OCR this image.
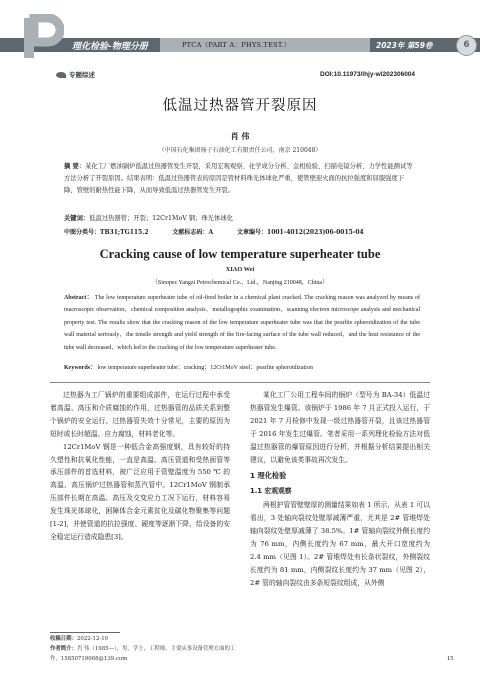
理化检验-物理分册	PTCA（PART A：PHYS.TEST.）	2023年 第59卷	6
专题综述	DOI:10.11973/lhjy-wl202306004
低温过热器管开裂原因
肖 伟
（中国石化集团扬子石油化工有限责任公司，南京 210048）
摘 要：某化工厂燃油锅炉低温过热器管发生开裂，采用宏观观察、化学成分分析、金相检验、扫描电镜分析、力学性能测试等方法分析了开裂原因。结果表明：低温过热器管表的原因是管材料珠光体球化严重，使管壁迎火面的抗拉强度和屈服强度下降，管壁的耐热性能下降，从而导致低温过热器管发生开裂。
关键词：低温过热器管；开裂；12Cr1MoV 钢；珠光体球化
中图分类号：TB31;TG115.2	文献标志码：A	文章编号：1001-4012(2023)06-0015-04
Cracking cause of low temperature superheater tube
XIAO Wei
（Sinopec Yangzi Petrochemical Co.，Ltd.，Nanjing 210048，China）
Abstract： The low temperature superheater tube of oil-fired boiler in a chemical plant cracked. The cracking reason was analyzed by means of macroscopic observation，chemical composition analysis，metallographic examination，scanning electron microscope analysis and mechanical property test. The results show that the cracking reason of the low temperature superheater tube was that the pearlite spheroidization of the tube wall material seriously，the tensile strength and yield strength of the fire-facing surface of the tube wall reduced，and the heat resistance of the tube wall decreased，which led to the cracking of the low temperature superheater tube.
Keywords： low temperature superheater tube；cracking；12Cr1MoV steel；pearlite spheroidization

过热器为工厂锅炉的重要组成部件，在运行过程中承受着高温、高压和介质腐蚀的作用，过热器管的品质关系到整个锅炉的安全运行。过热器管失效十分常见，主要的原因为短时或长时超温、应力腐蚀，材料老化等。

12Cr1MoV 钢是一种低合金高强度钢，具有较好的持久塑性和抗氧化性能，一直是高温、高压管道和受热面管等承压部件的首选材料，被广泛应用于管壁温度为 550 ℃ 的高温、高压锅炉过热器管和蒸汽管中。12Cr1MoV 钢制承压部件长期在高温、高压及交变应力工况下运行，材料容易发生珠光体球化，困障体合金元素贫化及碳化物聚集等问题[1-2]，并使管道的抗拉强度、硬度等逐渐下降，给设备的安全稳定运行造成隐患[3]。

某化工厂公用工程车间的锅炉（型号为 BA-34）低温过热器管发生爆管。该锅炉于 1986 年 7 月正式投入运行，于 2021 年 7 月检修中发现一级过热器管开裂，且该过热器管于 2016 年发生过爆管。笔者采用一系列理化检验方法对低温过热器管的爆管原因进行分析，并根据分析结果提出相关建议，以避免该类事故再次发生。

1 理化检验
1.1 宏观观察

两根护管管壁壁厚的测量结果如表 1 所示，从表 1 可以看出，3 处轴向裂纹处壁厚减薄严重，尤其是 2# 管堆焊处轴向裂纹处壁厚减薄了 38.5%。1# 管轴向裂纹外侧长度约为 76 mm，内侧长度约为 67 mm，最大开口宽度约为 2.4 mm（见图 1）。2# 管堆焊处有长条状裂纹，外侧裂纹长度约为 81 mm，内侧裂纹长度约为 37 mm（见图 2），2# 管的轴向裂纹由多条短裂纹组成，从外侧

收稿日期：2022-12-10
作者简介：肖 伟（1985—），男，学士，工程师，主要从事设备管理方面的工作，15850719068@139.com	15
